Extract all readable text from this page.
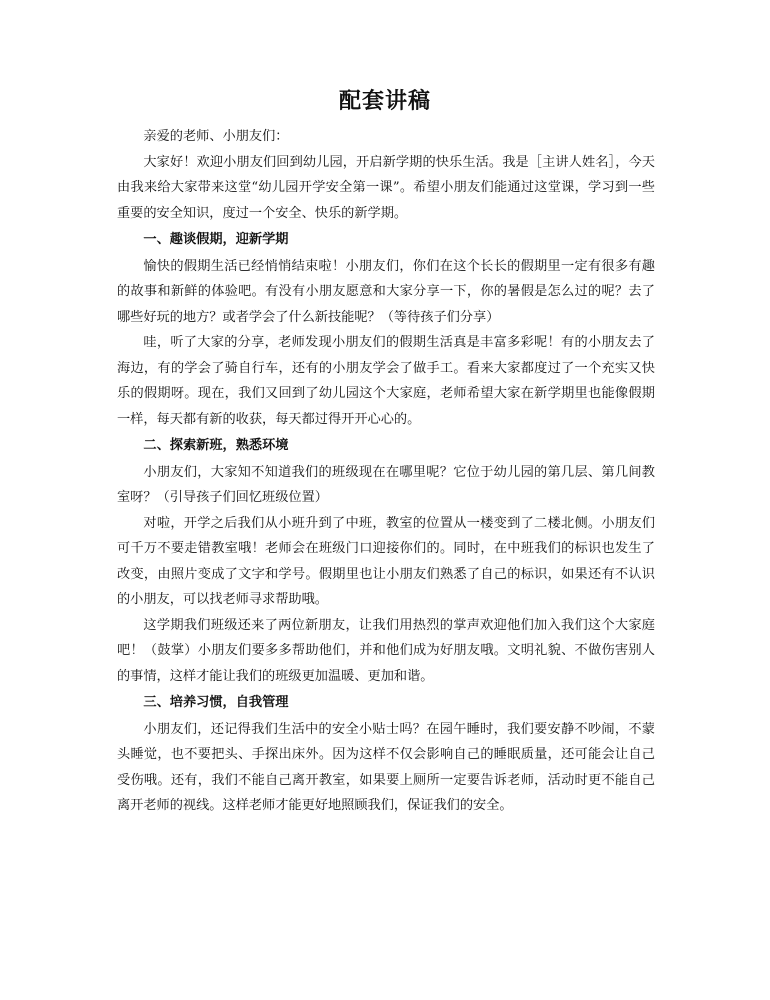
配套讲稿

亲爱的老师、小朋友们：

大家好！欢迎小朋友们回到幼儿园，开启新学期的快乐生活。我是［主讲人姓名］，今天由我来给大家带来这堂“幼儿园开学安全第一课”。希望小朋友们能通过这堂课，学习到一些重要的安全知识，度过一个安全、快乐的新学期。

一、趣谈假期，迎新学期

愉快的假期生活已经悄悄结束啦！小朋友们，你们在这个长长的假期里一定有很多有趣的故事和新鲜的体验吧。有没有小朋友愿意和大家分享一下，你的暑假是怎么过的呢？去了哪些好玩的地方？或者学会了什么新技能呢？（等待孩子们分享）

哇，听了大家的分享，老师发现小朋友们的假期生活真是丰富多彩呢！有的小朋友去了海边，有的学会了骑自行车，还有的小朋友学会了做手工。看来大家都度过了一个充实又快乐的假期呀。现在，我们又回到了幼儿园这个大家庭，老师希望大家在新学期里也能像假期一样，每天都有新的收获，每天都过得开开心心的。

二、探索新班，熟悉环境

小朋友们，大家知不知道我们的班级现在在哪里呢？它位于幼儿园的第几层、第几间教室呀？（引导孩子们回忆班级位置）

对啦，开学之后我们从小班升到了中班，教室的位置从一楼变到了二楼北侧。小朋友们可千万不要走错教室哦！老师会在班级门口迎接你们的。同时，在中班我们的标识也发生了改变，由照片变成了文字和学号。假期里也让小朋友们熟悉了自己的标识，如果还有不认识的小朋友，可以找老师寻求帮助哦。

这学期我们班级还来了两位新朋友，让我们用热烈的掌声欢迎他们加入我们这个大家庭吧！（鼓掌）小朋友们要多多帮助他们，并和他们成为好朋友哦。文明礼貌、不做伤害别人的事情，这样才能让我们的班级更加温暖、更加和谐。

三、培养习惯，自我管理

小朋友们，还记得我们生活中的安全小贴士吗？在园午睡时，我们要安静不吵闹，不蒙头睡觉，也不要把头、手探出床外。因为这样不仅会影响自己的睡眠质量，还可能会让自己受伤哦。还有，我们不能自己离开教室，如果要上厕所一定要告诉老师，活动时更不能自己离开老师的视线。这样老师才能更好地照顾我们，保证我们的安全。
